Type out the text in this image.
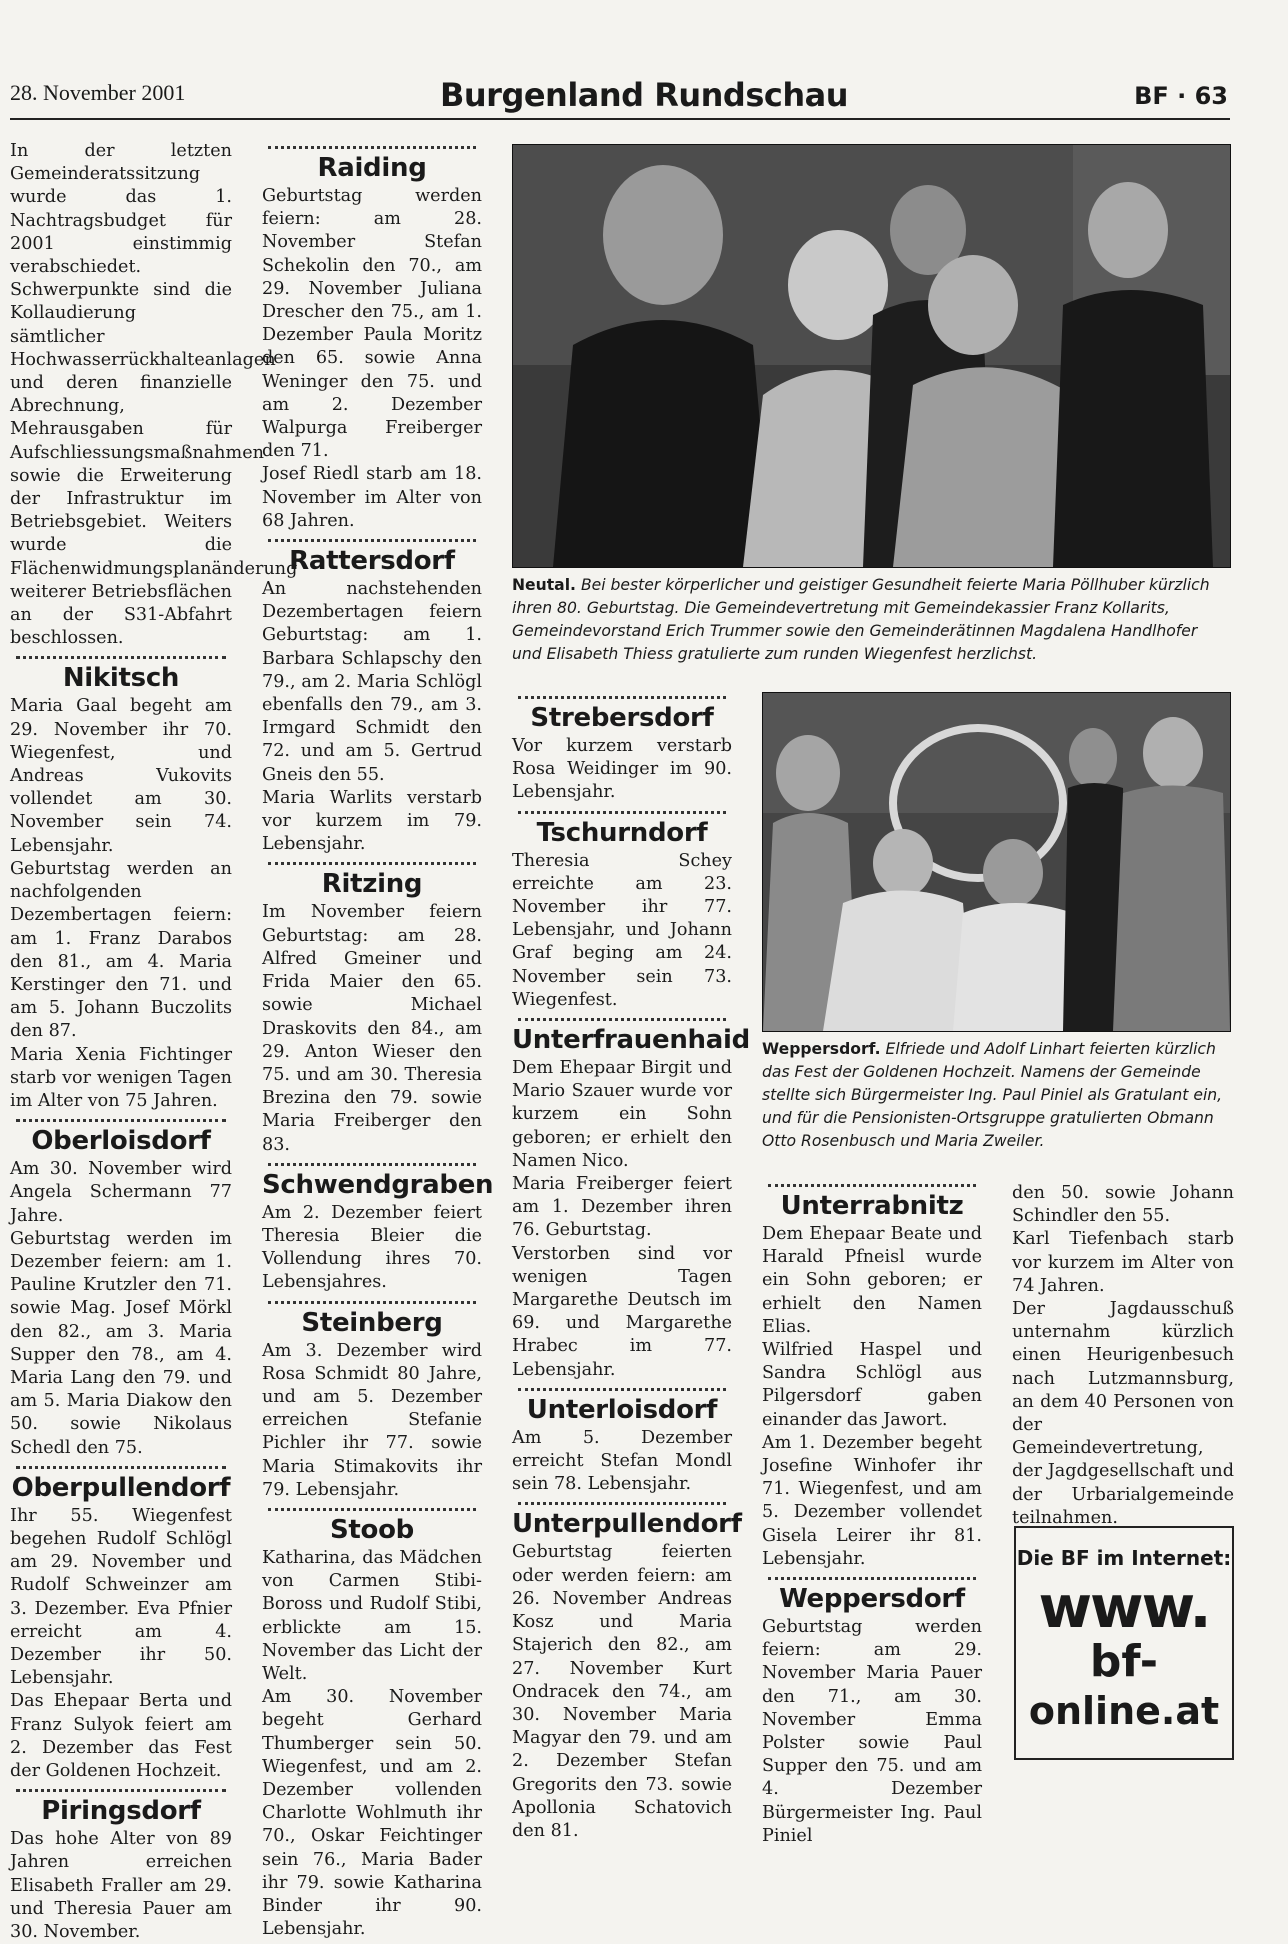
28. November 2001	Burgenland Rundschau	BF · 63

In der letzten Gemeinderatssitzung wurde das 1. Nachtragsbudget für 2001 einstimmig verabschiedet. Schwerpunkte sind die Kollaudierung sämtlicher Hochwasserrückhalteanlagen und deren finanzielle Abrechnung, Mehrausgaben für Aufschliessungsmaßnahmen sowie die Erweiterung der Infrastruktur im Betriebsgebiet. Weiters wurde die Flächenwidmungsplanänderung weiterer Betriebsflächen an der S31-Abfahrt beschlossen.

Nikitsch

Maria Gaal begeht am 29. November ihr 70. Wiegenfest, und Andreas Vukovits vollendet am 30. November sein 74. Lebensjahr.

Geburtstag werden an nachfolgenden Dezembertagen feiern: am 1. Franz Darabos den 81., am 4. Maria Kerstinger den 71. und am 5. Johann Buczolits den 87.

Maria Xenia Fichtinger starb vor wenigen Tagen im Alter von 75 Jahren.

Oberloisdorf

Am 30. November wird Angela Schermann 77 Jahre.

Geburtstag werden im Dezember feiern: am 1. Pauline Krutzler den 71. sowie Mag. Josef Mörkl den 82., am 3. Maria Supper den 78., am 4. Maria Lang den 79. und am 5. Maria Diakow den 50. sowie Nikolaus Schedl den 75.

Oberpullendorf

Ihr 55. Wiegenfest begehen Rudolf Schlögl am 29. November und Rudolf Schweinzer am 3. Dezember. Eva Pfnier erreicht am 4. Dezember ihr 50. Lebensjahr.

Das Ehepaar Berta und Franz Sulyok feiert am 2. Dezember das Fest der Goldenen Hochzeit.

Piringsdorf

Das hohe Alter von 89 Jahren erreichen Elisabeth Fraller am 29. und Theresia Pauer am 30. November.

Raiding

Geburtstag werden feiern: am 28. November Stefan Schekolin den 70., am 29. November Juliana Drescher den 75., am 1. Dezember Paula Moritz den 65. sowie Anna Weninger den 75. und am 2. Dezember Walpurga Freiberger den 71.

Josef Riedl starb am 18. November im Alter von 68 Jahren.

Rattersdorf

An nachstehenden Dezembertagen feiern Geburtstag: am 1. Barbara Schlapschy den 79., am 2. Maria Schlögl ebenfalls den 79., am 3. Irmgard Schmidt den 72. und am 5. Gertrud Gneis den 55.

Maria Warlits verstarb vor kurzem im 79. Lebensjahr.

Ritzing

Im November feiern Geburtstag: am 28. Alfred Gmeiner und Frida Maier den 65. sowie Michael Draskovits den 84., am 29. Anton Wieser den 75. und am 30. Theresia Brezina den 79. sowie Maria Freiberger den 83.

Schwendgraben

Am 2. Dezember feiert Theresia Bleier die Vollendung ihres 70. Lebensjahres.

Steinberg

Am 3. Dezember wird Rosa Schmidt 80 Jahre, und am 5. Dezember erreichen Stefanie Pichler ihr 77. sowie Maria Stimakovits ihr 79. Lebensjahr.

Stoob

Katharina, das Mädchen von Carmen Stibi-Boross und Rudolf Stibi, erblickte am 15. November das Licht der Welt.

Am 30. November begeht Gerhard Thumberger sein 50. Wiegenfest, und am 2. Dezember vollenden Charlotte Wohlmuth ihr 70., Oskar Feichtinger sein 76., Maria Bader ihr 79. sowie Katharina Binder ihr 90. Lebensjahr.

Neutal. Bei bester körperlicher und geistiger Gesundheit feierte Maria Pöllhuber kürzlich ihren 80. Geburtstag. Die Gemeindevertretung mit Gemeindekassier Franz Kollarits, Gemeindevorstand Erich Trummer sowie den Gemeinderätinnen Magdalena Handlhofer und Elisabeth Thiess gratulierte zum runden Wiegenfest herzlichst.
Strebersdorf

Vor kurzem verstarb Rosa Weidinger im 90. Lebensjahr.

Tschurndorf

Theresia Schey erreichte am 23. November ihr 77. Lebensjahr, und Johann Graf beging am 24. November sein 73. Wiegenfest.

Unterfrauenhaid

Dem Ehepaar Birgit und Mario Szauer wurde vor kurzem ein Sohn geboren; er erhielt den Namen Nico.

Maria Freiberger feiert am 1. Dezember ihren 76. Geburtstag.

Verstorben sind vor wenigen Tagen Margarethe Deutsch im 69. und Margarethe Hrabec im 77. Lebensjahr.

Unterloisdorf

Am 5. Dezember erreicht Stefan Mondl sein 78. Lebensjahr.

Unterpullendorf

Geburtstag feierten oder werden feiern: am 26. November Andreas Kosz und Maria Stajerich den 82., am 27. November Kurt Ondracek den 74., am 30. November Maria Magyar den 79. und am 2. Dezember Stefan Gregorits den 73. sowie Apollonia Schatovich den 81.

Weppersdorf. Elfriede und Adolf Linhart feierten kürzlich das Fest der Goldenen Hochzeit. Namens der Gemeinde stellte sich Bürgermeister Ing. Paul Piniel als Gratulant ein, und für die Pensionisten-Ortsgruppe gratulierten Obmann Otto Rosenbusch und Maria Zweiler.
Unterrabnitz

Dem Ehepaar Beate und Harald Pfneisl wurde ein Sohn geboren; er erhielt den Namen Elias.

Wilfried Haspel und Sandra Schlögl aus Pilgersdorf gaben einander das Jawort.

Am 1. Dezember begeht Josefine Winhofer ihr 71. Wiegenfest, und am 5. Dezember vollendet Gisela Leirer ihr 81. Lebensjahr.

Weppersdorf

Geburtstag werden feiern: am 29. November Maria Pauer den 71., am 30. November Emma Polster sowie Paul Supper den 75. und am 4. Dezember Bürgermeister Ing. Paul Piniel

den 50. sowie Johann Schindler den 55.

Karl Tiefenbach starb vor kurzem im Alter von 74 Jahren.

Der Jagdausschuß unternahm kürzlich einen Heurigenbesuch nach Lutzmannsburg, an dem 40 Personen von der Gemeindevertretung, der Jagdgesellschaft und der Urbarialgemeinde teilnahmen.

Die BF im Internet:
www.
bf-
online.at
